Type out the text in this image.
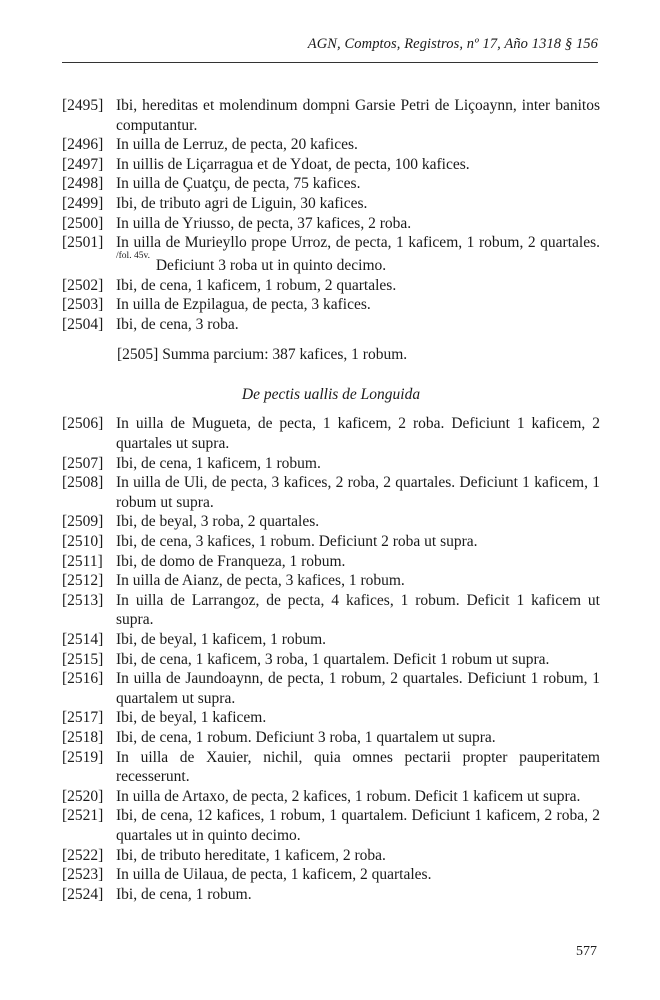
AGN, Comptos, Registros, nº 17, Año 1318 § 156
[2495] Ibi, hereditas et molendinum dompni Garsie Petri de Liçoaynn, inter banitos computantur.
[2496] In uilla de Lerruz, de pecta, 20 kafices.
[2497] In uillis de Liçarragua et de Ydoat, de pecta, 100 kafices.
[2498] In uilla de Çuatçu, de pecta, 75 kafices.
[2499] Ibi, de tributo agri de Liguin, 30 kafices.
[2500] In uilla de Yriusso, de pecta, 37 kafices, 2 roba.
[2501] In uilla de Murieyllo prope Urroz, de pecta, 1 kaficem, 1 robum, 2 quartales. $^{/fol. 45v.}$ Deficiunt 3 roba ut in quinto decimo.
[2502] Ibi, de cena, 1 kaficem, 1 robum, 2 quartales.
[2503] In uilla de Ezpilagua, de pecta, 3 kafices.
[2504] Ibi, de cena, 3 roba.
[2505] Summa parcium: 387 kafices, 1 robum.
De pectis uallis de Longuida
[2506] In uilla de Mugueta, de pecta, 1 kaficem, 2 roba. Deficiunt 1 kaficem, 2 quartales ut supra.
[2507] Ibi, de cena, 1 kaficem, 1 robum.
[2508] In uilla de Uli, de pecta, 3 kafices, 2 roba, 2 quartales. Deficiunt 1 kaficem, 1 robum ut supra.
[2509] Ibi, de beyal, 3 roba, 2 quartales.
[2510] Ibi, de cena, 3 kafices, 1 robum. Deficiunt 2 roba ut supra.
[2511] Ibi, de domo de Franqueza, 1 robum.
[2512] In uilla de Aianz, de pecta, 3 kafices, 1 robum.
[2513] In uilla de Larrangoz, de pecta, 4 kafices, 1 robum. Deficit 1 kaficem ut supra.
[2514] Ibi, de beyal, 1 kaficem, 1 robum.
[2515] Ibi, de cena, 1 kaficem, 3 roba, 1 quartalem. Deficit 1 robum ut supra.
[2516] In uilla de Jaundoaynn, de pecta, 1 robum, 2 quartales. Deficiunt 1 robum, 1 quartalem ut supra.
[2517] Ibi, de beyal, 1 kaficem.
[2518] Ibi, de cena, 1 robum. Deficiunt 3 roba, 1 quartalem ut supra.
[2519] In uilla de Xauier, nichil, quia omnes pectarii propter pauperitatem recesserunt.
[2520] In uilla de Artaxo, de pecta, 2 kafices, 1 robum. Deficit 1 kaficem ut supra.
[2521] Ibi, de cena, 12 kafices, 1 robum, 1 quartalem. Deficiunt 1 kaficem, 2 roba, 2 quartales ut in quinto decimo.
[2522] Ibi, de tributo hereditate, 1 kaficem, 2 roba.
[2523] In uilla de Uilaua, de pecta, 1 kaficem, 2 quartales.
[2524] Ibi, de cena, 1 robum.
577
